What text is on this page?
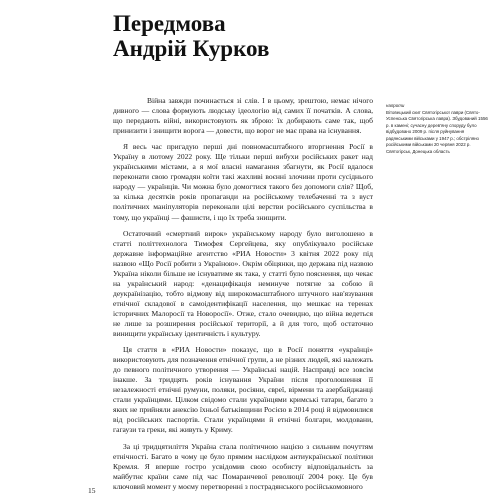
Передмова
Андрій Курков
напроти
Вітовецький скит Святогірської лаври (Свято-Успенська Святогірська лавра). Збудований 1556 р. в камені; сучасну дерев'яну споруду було відбудовано 2009 р. після руйнування радянськими військами у 1947 р.; обстріляно російськими військами 20 червня 2022 р. Святогірськ, Донецька область

Війна завжди починається зі слів. І в цьому, зрештою, немає нічого дивного — слова формують людську ідеологію від самих її початків. А слова, що передають війні, використовують як зброю: їх добирають саме так, щоб принизити і знищити ворога — довести, що ворог не має права на існування.

Я весь час пригадую перші дні повномасштабного вторгнення Росії в Україну в лютому 2022 року. Ще тільки перші вибухи російських ракет над українськими містами, а я мої власні намагання збагнути, як Росії вдалося переконати свою громадян коїти такі жахливі воєнні злочини проти сусіднього народу — українців. Чи можна було домогтися такого без допомоги слів? Щоб, за кілька десятків років пропаганди на російському телебаченні та з вуст політичних маніпуляторів переконали цілі верстви російського суспільства в тому, що українці — фашисти, і що їх треба знищити.

Остаточний «смертний вирок» українському народу було виголошено в статті політтехнолога Тимофея Сергейцева, яку опублікувало російське державне інформаційне агентство «РИА Новости» 3 квітня 2022 року під назвою «Що Росії робити з Україною». Окрім обіцянки, що держава під назвою Україна ніколи більше не існуватиме як така, у статті було пояснення, що чекає на український народ: «денацифікація неминуче потягне за собою й деукраїнізацію, тобто відмову від широкомасштабного штучного нав'язування етнічної складової в самоідентифікації населення, що мешкає на теренах історичних Малоросії та Новоросії». Отже, стало очевидно, що війна ведеться не лише за розширення російської території, а й для того, щоб остаточно винищити українську ідентичність і культуру.

Ця стаття в «РИА Новости» показує, що в Росії поняття «українці» використовують для позначення етнічної групи, а не різних людей, які належать до певного політичного утворення — Українські націй. Насправді все зовсім інакше. За тридцять років існування України після проголошення її незалежності етнічні румуни, поляки, росіяни, євреї, вірмени та азербайджанці стали українцями. Цілком свідомо стали українцями кримські татари, багато з яких не прийняли анексію їхньої батьківщини Росією в 2014 році й відмовилися від російських паспортів. Стали українцями й етнічні болгари, молдовани, гагаузи та греки, які живуть у Криму.

За ці тридцятиліття Україна стала політичною нацією з сильним почуттям етнічності. Багато в чому це було прямим наслідком антиукраїнської політики Кремля. Я вперше гостро усвідомив свою особисту відповідальність за майбутнє країни саме під час Помаранчевої революції 2004 року. Це був ключовий момент у моєму перетворенні з пострадянського російськомовного

15
